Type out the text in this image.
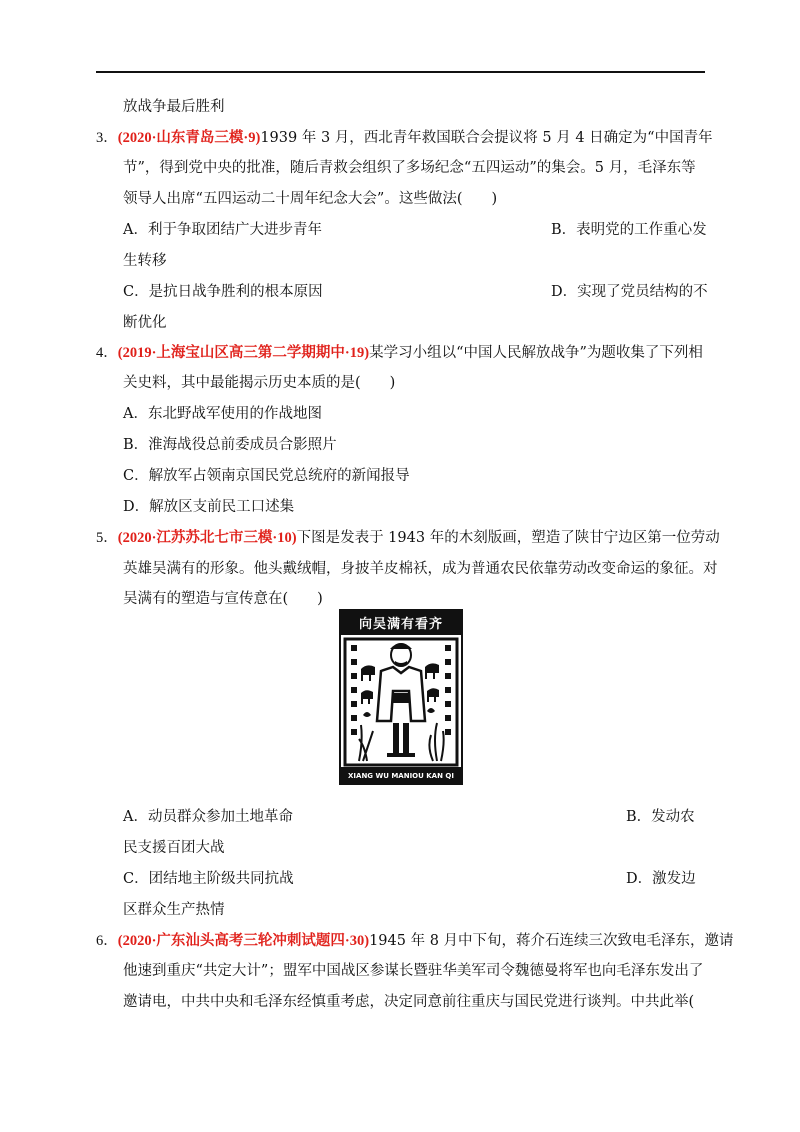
放战争最后胜利
3．(2020·山东青岛三模·9)1939 年 3 月，西北青年救国联合会提议将 5 月 4 日确定为“中国青年
节”，得到党中央的批准，随后青救会组织了多场纪念“五四运动”的集会。5 月，毛泽东等
领导人出席“五四运动二十周年纪念大会”。这些做法(　　)
A．利于争取团结广大进步青年	B．表明党的工作重心发
生转移
C．是抗日战争胜利的根本原因	D．实现了党员结构的不
断优化
4．(2019·上海宝山区高三第二学期期中·19)某学习小组以“中国人民解放战争”为题收集了下列相
关史料，其中最能揭示历史本质的是(　　)
A．东北野战军使用的作战地图
B．淮海战役总前委成员合影照片
C．解放军占领南京国民党总统府的新闻报导
D．解放区支前民工口述集
5．(2020·江苏苏北七市三模·10)下图是发表于 1943 年的木刻版画，塑造了陕甘宁边区第一位劳动
英雄吴满有的形象。他头戴绒帽，身披羊皮棉袄，成为普通农民依靠劳动改变命运的象征。对
吴满有的塑造与宣传意在(　　)
向吴满有看齐
XIANG WU MANIOU KAN QI
A．动员群众参加土地革命	B．发动农
民支援百团大战
C．团结地主阶级共同抗战	D．激发边
区群众生产热情
6．(2020·广东汕头高考三轮冲刺试题四·30)1945 年 8 月中下旬，蒋介石连续三次致电毛泽东，邀请
他速到重庆“共定大计”；盟军中国战区参谋长暨驻华美军司令魏德曼将军也向毛泽东发出了
邀请电，中共中央和毛泽东经慎重考虑，决定同意前往重庆与国民党进行谈判。中共此举(
